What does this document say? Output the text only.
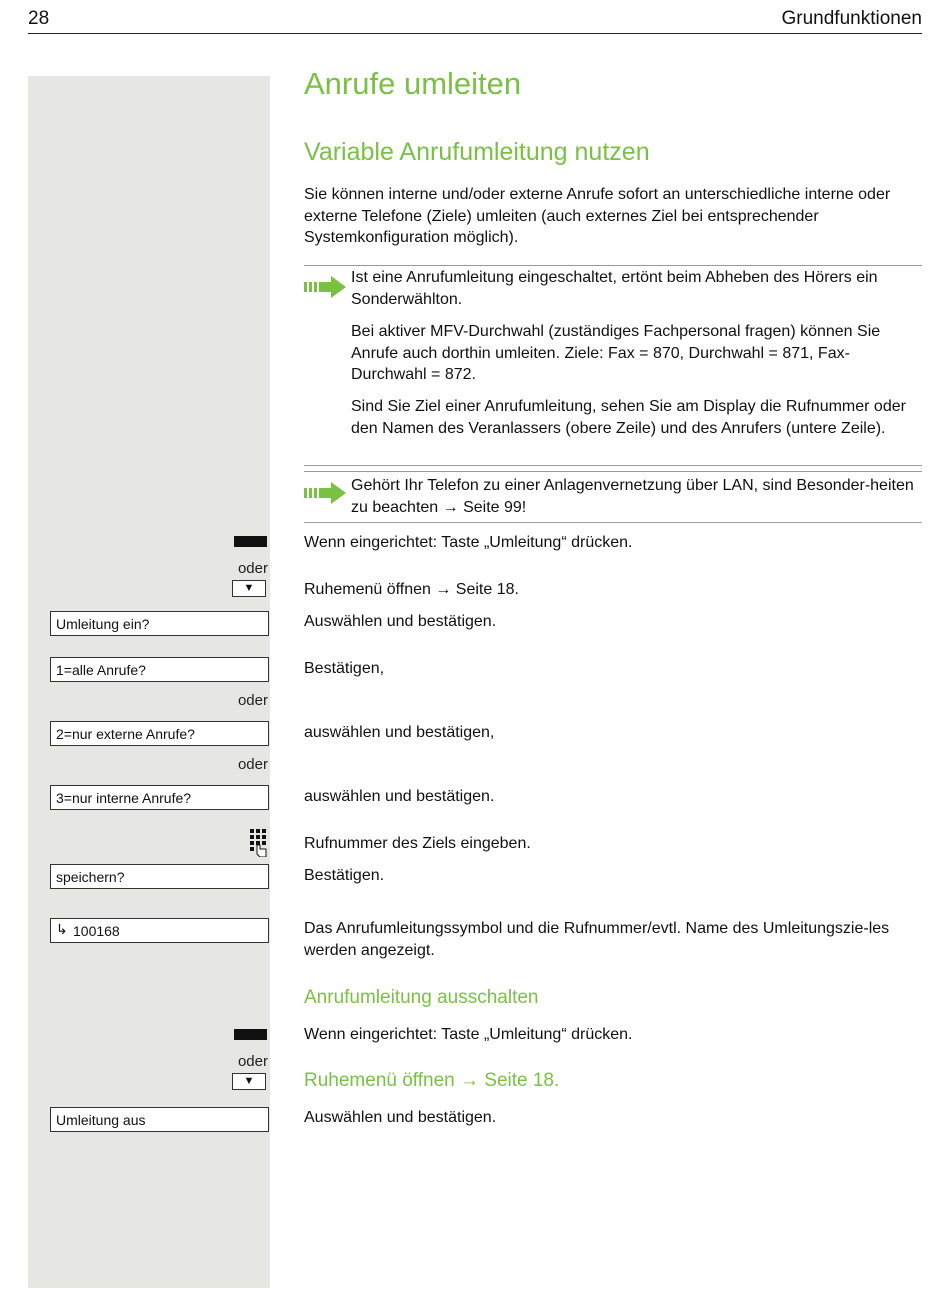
28	Grundfunktionen
Anrufe umleiten
Variable Anrufumleitung nutzen
Sie können interne und/oder externe Anrufe sofort an unterschiedliche interne oder externe Telefone (Ziele) umleiten (auch externes Ziel bei entsprechender Systemkonfiguration möglich).
Ist eine Anrufumleitung eingeschaltet, ertönt beim Abheben des Hörers ein Sonderwählton.
Bei aktiver MFV-Durchwahl (zuständiges Fachpersonal fragen) können Sie Anrufe auch dorthin umleiten. Ziele: Fax = 870, Durchwahl = 871, Fax-Durchwahl = 872.
Sind Sie Ziel einer Anrufumleitung, sehen Sie am Display die Rufnummer oder den Namen des Veranlassers (obere Zeile) und des Anrufers (untere Zeile).
Gehört Ihr Telefon zu einer Anlagenvernetzung über LAN, sind Besonder-heiten zu beachten → Seite 99!
Wenn eingerichtet: Taste „Umleitung“ drücken.
oder
▼	Ruhemenü öffnen → Seite 18.
Umleitung ein?	Auswählen und bestätigen.
1=alle Anrufe?	Bestätigen,
oder
2=nur externe Anrufe?	auswählen und bestätigen,
oder
3=nur interne Anrufe?	auswählen und bestätigen.
Rufnummer des Ziels eingeben.
speichern?	Bestätigen.
↳ 100168	Das Anrufumleitungssymbol und die Rufnummer/evtl. Name des Umleitungszie-les werden angezeigt.
Anrufumleitung ausschalten
Wenn eingerichtet: Taste „Umleitung“ drücken.
oder
▼	Ruhemenü öffnen → Seite 18.
Umleitung aus	Auswählen und bestätigen.
